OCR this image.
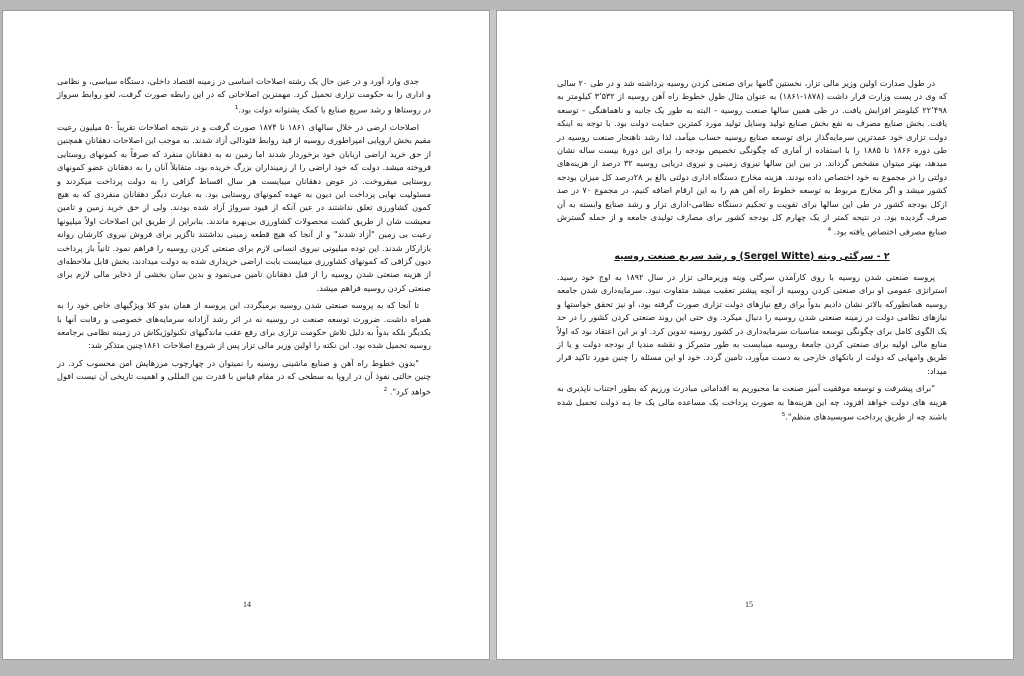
جدی وارد آورد و در عین حال یک رشته اصلاحات اساسی در زمینه اقتصاد داخلی، دستگاه سیاسی، و نظامی و اداری را به حکومت تزاری تحمیل کرد. مهمترین اصلاحاتی که در این رابطه صورت گرفت، لغو روابط سرواژ در روستاها و رشد سریع صنایع با کمک پشتوانه دولت بود.$^1$

اصلاحات ارضی در خلال سالهای ۱۸۶۱ تا ۱۸۷۴ صورت گرفت و در نتیجه اصلاحات تقریباً ۵۰ میلیون رعیت مقیم بخش اروپایی امپراطوری روسیه از قید روابط فئودالی آزاد شدند. به موجب این اصلاحات دهقانان همچنین از حق خرید اراضی اربابان خود برخوردار شدند اما زمین نه به دهقانان منفرد که صرفاً به کمونهای روستایی فروخته میشد. دولت که خود اراضی را از زمینداران بزرگ خریده بود، متقابلاً آنان را به دهقانان عضو کمونهای روستایی میفروخت. در عوض دهقانان میبایست هر سال اقساط گزافی را به دولت پرداخت میکردند و مسئولیت نهایی پرداخت این دیون به عهده کمونهای روستایی بود. به عبارت دیگر دهقانان منفردی که به هیچ کمون کشاورزی تعلق نداشتند در عین آنکه از قیود سرواژ آزاد شده بودند. ولی از حق خرید زمین و تامین معیشت شان از طریق کشت محصولات کشاورزی بی‌بهره ماندند. بنابراین از طریق این اصلاحات اولاً میلیونها رعیت بی زمین "آزاد شدند" و از آنجا که هیچ قطعه زمینی نداشتند ناگزیر برای فروش نیروی کارشان روانه بازارکار شدند. این توده میلیونی نیروی انسانی لازم برای صنعتی کردن روسیه را فراهم نمود. ثانیاً باز پرداخت دیون گزافی که کمونهای کشاورزی میبایست بابت اراضی خریداری شده به دولت میدادند، بخش قابل ملاحظه‌ای از هزینه صنعتی شدن روسیه را از قبل دهقانان تامین می‌نمود و بدین سان بخشی از ذخایر مالی لازم برای صنعتی کردن روسیه فراهم میشد.

تا آنجا که به پروسه صنعتی شدن روسیه برمیگردد، این پروسه از همان بدو کلا ویژگیهای خاص خود را به همراه داشت. ضرورت توسعه صنعت در روسیه نه در اثر رشد آزادانه سرمایه‌های خصوصی و رقابت آنها با یکدیگر بلکه بدواً به دلیل تلاش حکومت تزاری برای رفع عقب ماندگیهای تکنولوژیکاش در زمینه نظامی برجامعه روسیه تحمیل شده بود. این نکته را اولین وزیر مالی تزار پس از شروع اصلاحات ۱۸۶۱چنین متذکر شد:

"بدون خطوط راه آهن و صنایع ماشینی روسیه را نمیتوان در چهارچوب مرزهایش امن محسوب کرد. در چنین حالتی نفوذ آن در اروپا به سطحی که در مقام قیاس با قدرت بین المللی و اهمیت تاریخی آن نیست افول خواهد کرد". $^2$

14

در طول صدارت اولین وزیر مالی تزار، نخستین گامها برای صنعتی کردن روسیه برداشته شد و در طی ۲۰ سالی که وی در پست وزارت قرار داشت (۱۸۷۸-۱۸۶۱) به عنوان مثال طول خطوط راه آهن روسیه از ۳٬۵۳۲ کیلومتر به ۲۲٬۴۹۸ کیلومتر افزایش یافت. در طی همین سالها صنعت روسیه - البته به طور یک جانبه و ناهماهنگی - توسعه یافت. بخش صنایع مصرف به نفع بخش صنایع تولید وسایل تولید مورد کمترین حمایت دولت بود. با توجه به اینکه دولت تزاری خود عمدترین سرمایه‌گذار برای توسعه صنایع روسیه حساب میآمد، لذا رشد ناهنجار صنعت روسیه در طی دوره ۱۸۶۶ تا ۱۸۸۵ را با استفاده از آماری که چگونگی تخصیص بودجه را برای این دورهٔ بیست ساله نشان میدهد، بهتر میتوان مشخص گرداند. در بین این سالها نیروی زمینی و نیروی دریایی روسیه ۳۲ درصد از هزینه‌های دولتی را در مجموع به خود اختصاص داده بودند. هزینه مخارج دستگاه اداری دولتی بالغ بر ۲۸درصد کل میزان بودجه کشور میشد و اگر مخارج مربوط به توسعه خطوط راه آهن هم را به این ارقام اضافه کنیم، در مجموع ۷۰ در صد ازکل بودجه کشور در طی این سالها برای تقویت و تحکیم دستگاه نظامی-اداری تزار و رشد صنایع وابسته به آن صرف گردیده بود. در نتیجه کمتر از یک چهارم کل بودجه کشور برای مصارف تولیدی جامعه و از جمله گسترش صنایع مصرفی اختصاص یافته بود. $^4$

۲ - سرگئی ویته (Sergel Witte) و رشد سریع صنعت روسیه

پروسه صنعتی شدن روسیه با روی کارآمدن سرگئی ویته وزیرمالی تزار در سال ۱۸۹۲ به اوج خود رسید. استراتژی عمومی او برای صنعتی کردن روسیه از آنچه پیشتر تعقیب میشد متفاوت نبود. سرمایه‌داری شدن جامعه روسیه همانطورکه بالاتر نشان دادیم بدواً برای رفع نیازهای دولت تزاری صورت گرفته بود، او نیز تحقق خواستها و نیازهای نظامی دولت در زمینه صنعتی شدن روسیه را دنبال میکرد. وی حتی این روند صنعتی کردن کشور را در حد یک الگوی کامل برای چگونگی توسعه مناسبات سرمایه‌داری در کشور روسیه تدوین کرد. او بر این اعتقاد بود که اولاً منابع مالی اولیه برای صنعتی کردن جامعهٔ روسیه میبایست به طور متمرکز و نقشه مندیا از بودجه دولت و یا از طریق وامهایی که دولت از بانکهای خارجی به دست میآورد، تامین گردد. خود او این مسئله را چنین مورد تاکید قرار میداد:

"برای پیشرفت و توسعه موفقیت آمیز صنعت ما مجبوریم به اقداماتی مبادرت ورزیم که بطور اجتناب ناپذیری به هزینه های دولت خواهد افزود، چه این هزینه‌ها به صورت پرداخت یک مساعده مالی یک جا بـه دولت تحمیل شده باشند چه از طریق پرداخت سوبسیدهای منظم".$^5$

15
